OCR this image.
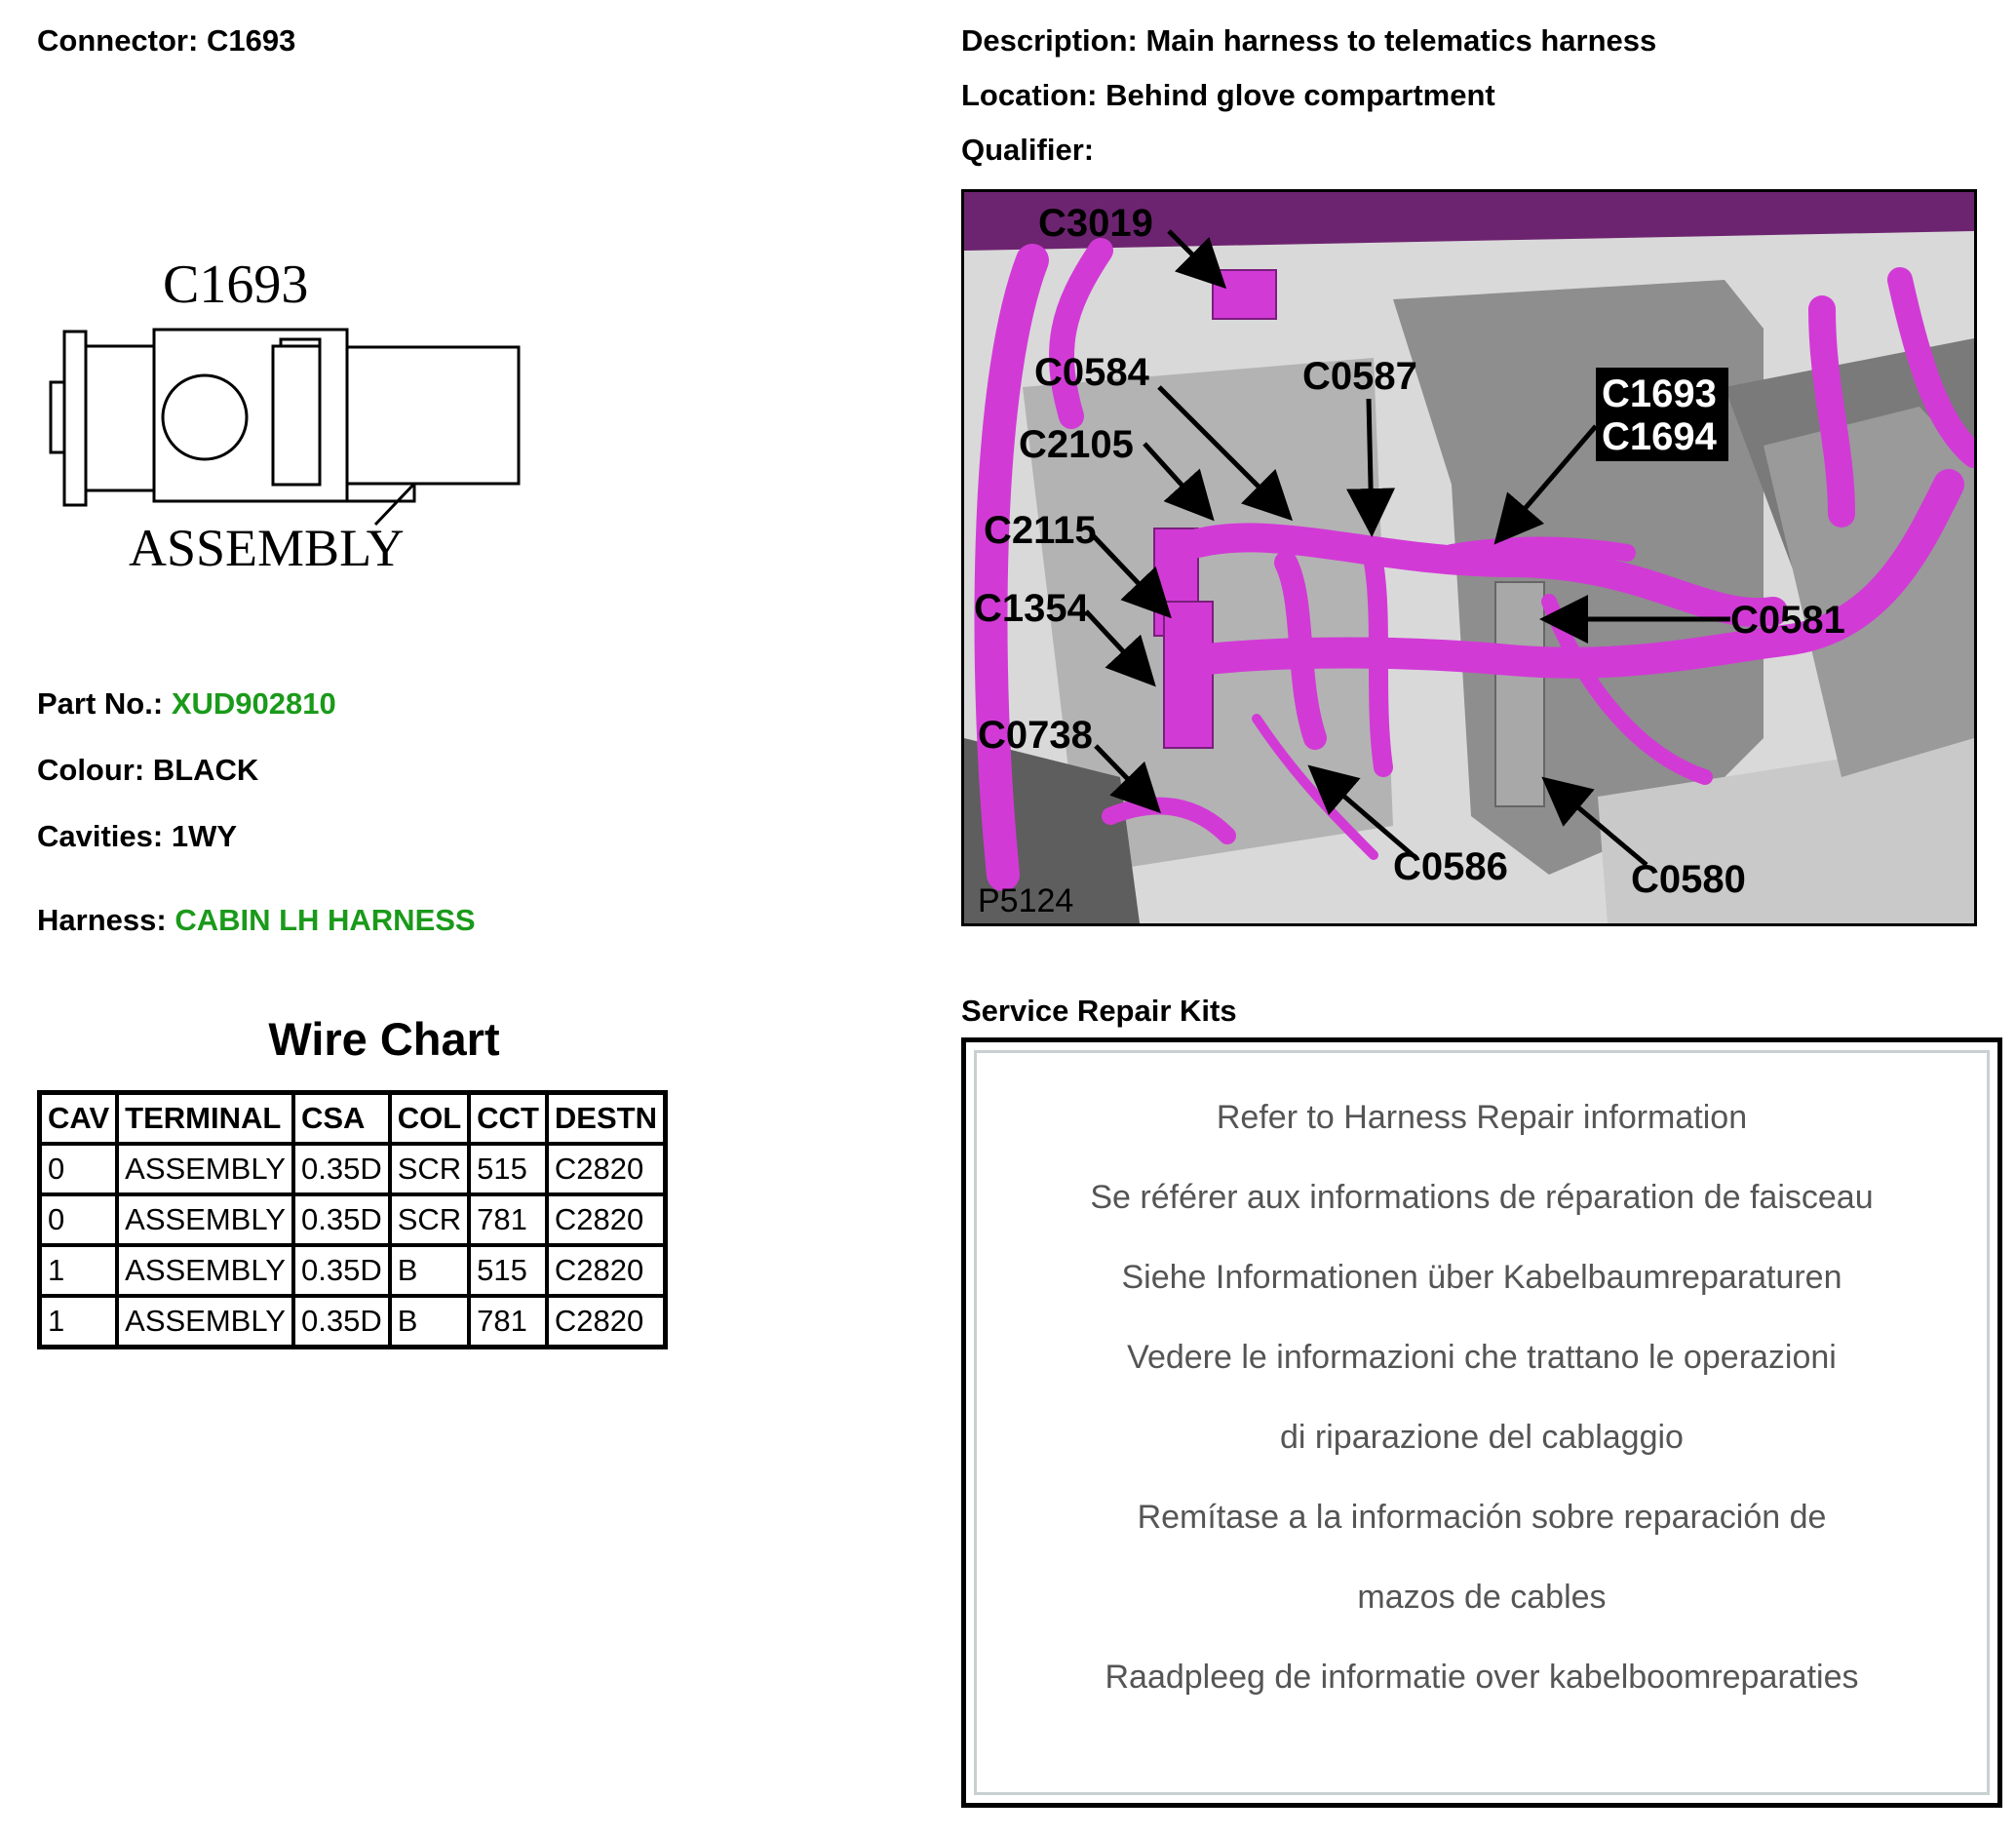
Connector: C1693	Description: Main harness to telematics harness
Location: Behind glove compartment
Qualifier:
C1693
ASSEMBLY
Part No.: XUD902810
Colour: BLACK
Cavities: 1WY
Harness: CABIN LH HARNESS
Wire Chart
CAV	TERMINAL	CSA	COL	CCT	DESTN
0	ASSEMBLY	0.35D	SCR	515	C2820
0	ASSEMBLY	0.35D	SCR	781	C2820
1	ASSEMBLY	0.35D	B	515	C2820
1	ASSEMBLY	0.35D	B	781	C2820
C3019
C0584	C0587	C1693
C1694
C2105
C2115
C1354	C0581
C0738
C0586	C0580
P5124
Service Repair Kits
Refer to Harness Repair information
Se référer aux informations de réparation de faisceau
Siehe Informationen über Kabelbaumreparaturen
Vedere le informazioni che trattano le operazioni
di riparazione del cablaggio
Remítase a la información sobre reparación de
mazos de cables
Raadpleeg de informatie over kabelboomreparaties
